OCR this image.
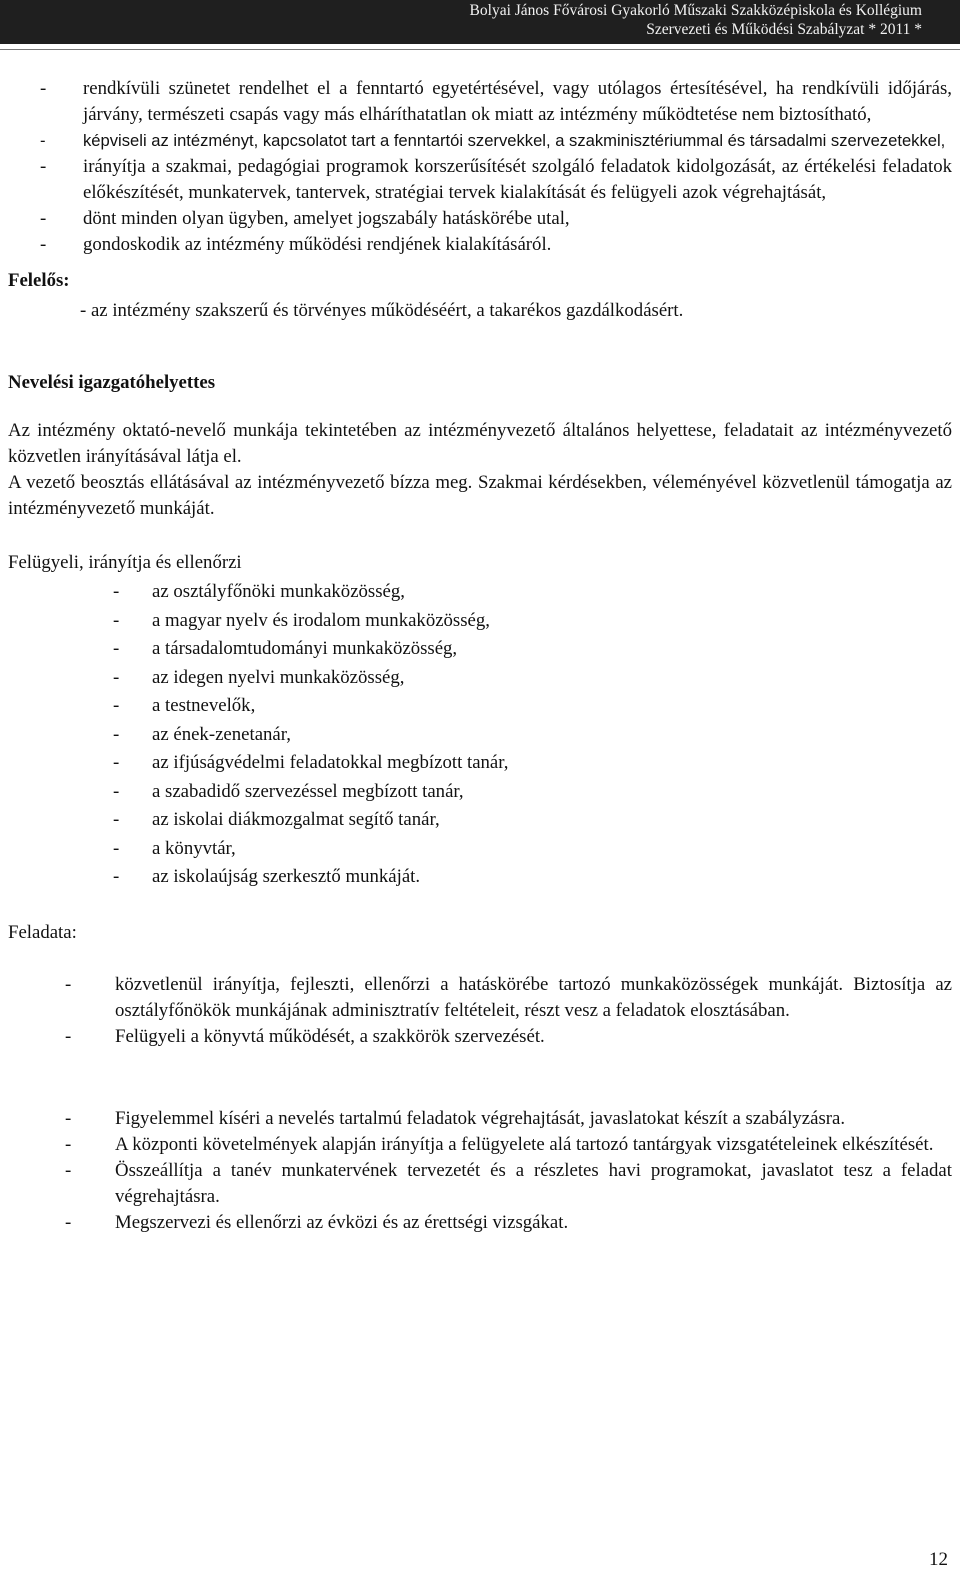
Bolyai János Fővárosi Gyakorló Műszaki Szakközépiskola és Kollégium
Szervezeti és Működési Szabályzat * 2011 *
- rendkívüli szünetet rendelhet el a fenntartó egyetértésével, vagy utólagos értesítésével, ha rendkívüli időjárás, járvány, természeti csapás vagy más elháríthatatlan ok miatt az intézmény működtetése nem biztosítható,
- képviseli az intézményt, kapcsolatot tart a fenntartói szervekkel, a szakminisztériummal és társadalmi szervezetekkel,
- irányítja a szakmai, pedagógiai programok korszerűsítését szolgáló feladatok kidolgozását, az értékelési feladatok előkészítését, munkatervek, tantervek, stratégiai tervek kialakítását és felügyeli azok végrehajtását,
- dönt minden olyan ügyben, amelyet jogszabály hatáskörébe utal,
- gondoskodik az intézmény működési rendjének kialakításáról.
Felelős:
- az intézmény szakszerű és törvényes működéséért, a takarékos gazdálkodásért.
Nevelési igazgatóhelyettes
Az intézmény oktató-nevelő munkája tekintetében az intézményvezető általános helyettese, feladatait az intézményvezető közvetlen irányításával látja el.
A vezető beosztás ellátásával az intézményvezető bízza meg. Szakmai kérdésekben, véleményével közvetlenül támogatja az intézményvezető munkáját.
Felügyeli, irányítja és ellenőrzi
- az osztályfőnöki munkaközösség,
- a magyar nyelv és irodalom munkaközösség,
- a társadalomtudományi munkaközösség,
- az idegen nyelvi munkaközösség,
- a testnevelők,
- az ének-zenetanár,
- az ifjúságvédelmi feladatokkal megbízott tanár,
- a szabadidő szervezéssel megbízott tanár,
- az iskolai diákmozgalmat segítő tanár,
- a könyvtár,
- az iskolaújság szerkesztő munkáját.
Feladata:
- közvetlenül irányítja, fejleszti, ellenőrzi a hatáskörébe tartozó munkaközösségek munkáját. Biztosítja az osztályfőnökök munkájának adminisztratív feltételeit, részt vesz a feladatok elosztásában.
- Felügyeli a könyvtá működését, a szakkörök szervezését.
- Figyelemmel kíséri a nevelés tartalmú feladatok végrehajtását, javaslatokat készít a szabályzásra.
- A központi követelmények alapján irányítja a felügyelete alá tartozó tantárgyak vizsgatételeinek elkészítését.
- Összeállítja a tanév munkatervének tervezetét és a részletes havi programokat, javaslatot tesz a feladat végrehajtásra.
- Megszervezi és ellenőrzi az évközi és az érettségi vizsgákat.
12
